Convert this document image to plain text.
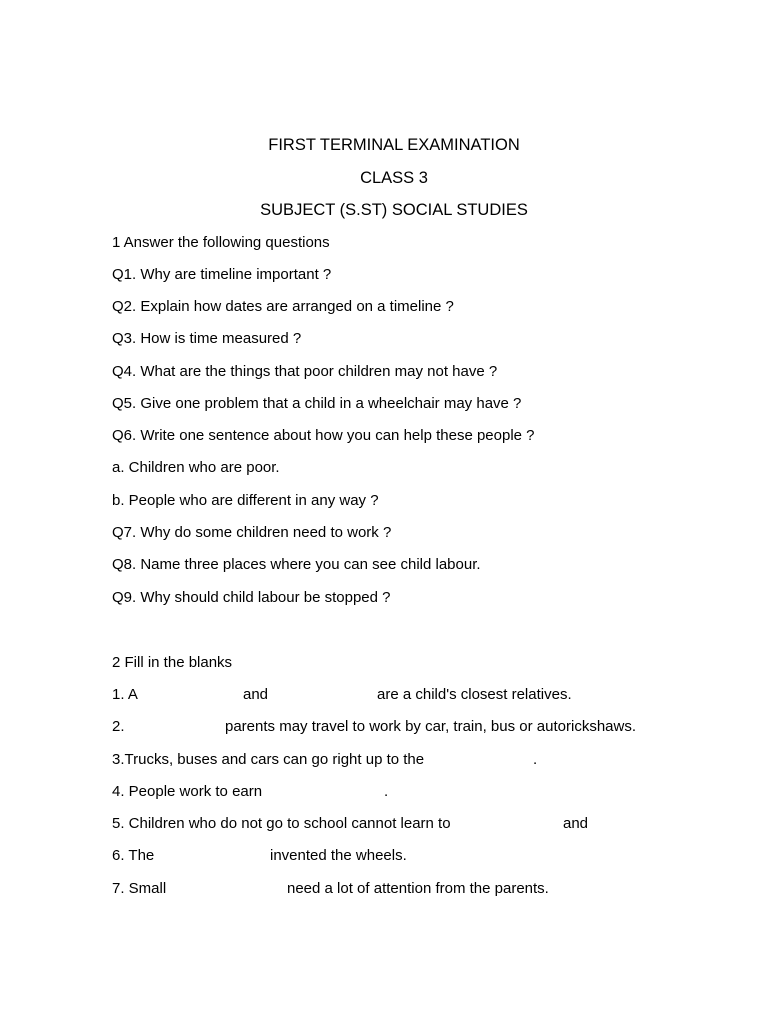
FIRST TERMINAL EXAMINATION
CLASS 3
SUBJECT (S.ST) SOCIAL STUDIES
1 Answer the following questions
Q1. Why are timeline important ?
Q2. Explain how dates are arranged on a timeline ?
Q3. How is time measured ?
Q4. What are the things that poor children may not have ?
Q5. Give one problem that a child in a wheelchair may have ?
Q6. Write one sentence about how you can help these people ?
a. Children who are poor.
b. People who are different in any way ?
Q7. Why do some children need to work ?
Q8. Name three places where you can see child labour.
Q9. Why should child labour be stopped ?
2 Fill in the blanks
1. A	and	are a child's closest relatives.
2.	parents may travel to work by car, train, bus or autorickshaws.
3.Trucks, buses and cars can go right up to the	.
4. People work to earn	.
5. Children who do not go to school cannot learn to	and
6. The	invented the wheels.
7. Small	need a lot of attention from the parents.
